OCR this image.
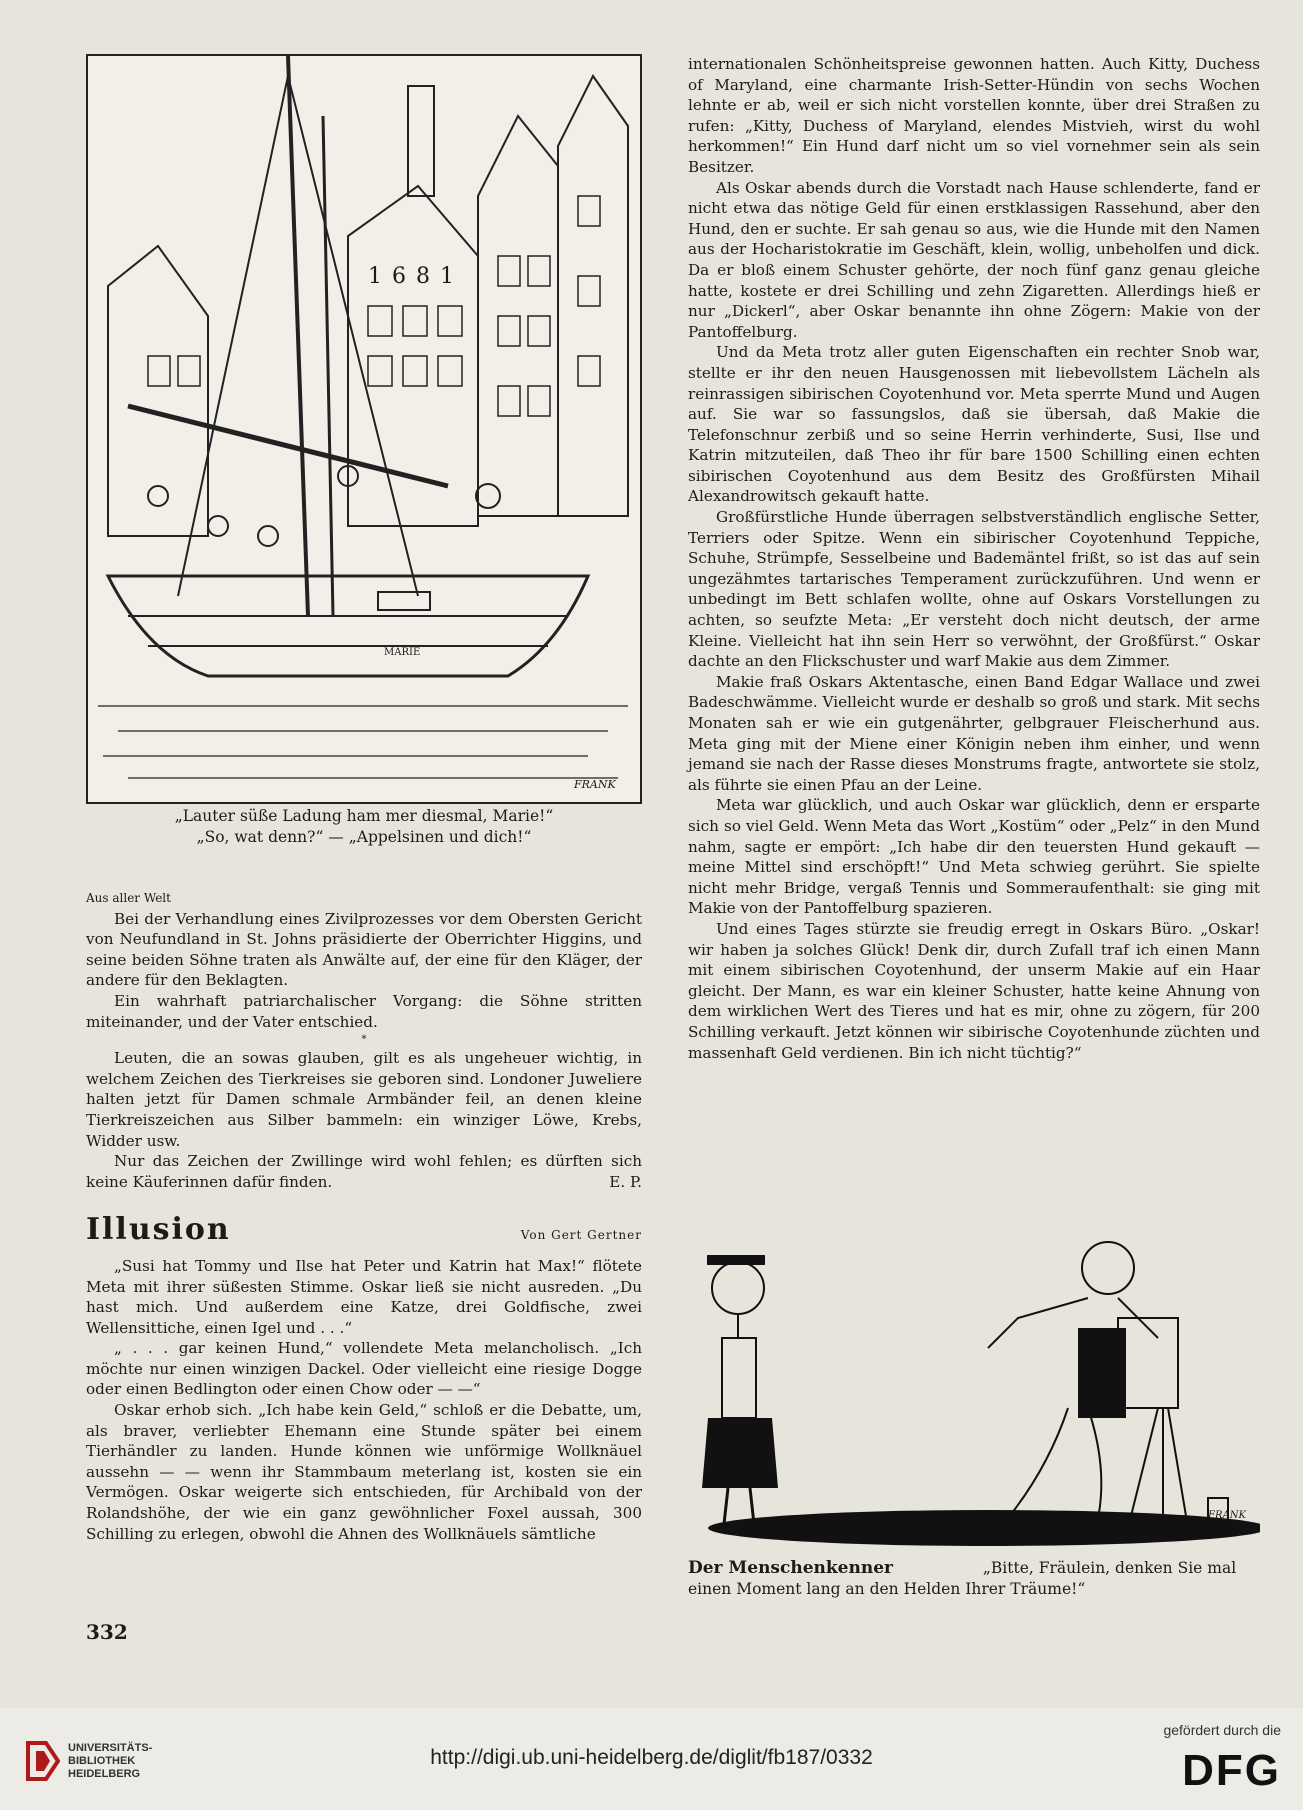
1681
MARIE
FRANK
„Lauter süße Ladung ham mer diesmal, Marie!“
„So, wat denn?“ — „Appelsinen und dich!“

Aus aller Welt

Bei der Verhandlung eines Zivilprozesses vor dem Obersten Gericht von Neufundland in St. Johns präsidierte der Oberrichter Higgins, und seine beiden Söhne traten als Anwälte auf, der eine für den Kläger, der andere für den Beklagten.

Ein wahrhaft patriarchalischer Vorgang: die Söhne stritten miteinander, und der Vater entschied.

*

Leuten, die an sowas glauben, gilt es als ungeheuer wichtig, in welchem Zeichen des Tierkreises sie geboren sind. Londoner Juweliere halten jetzt für Damen schmale Armbänder feil, an denen kleine Tierkreiszeichen aus Silber bammeln: ein winziger Löwe, Krebs, Widder usw.

Nur das Zeichen der Zwillinge wird wohl fehlen; es dürften sich keine Käuferinnen dafür finden.	E. P.

Illusion	Von Gert Gertner

„Susi hat Tommy und Ilse hat Peter und Katrin hat Max!“ flötete Meta mit ihrer süßesten Stimme. Oskar ließ sie nicht ausreden. „Du hast mich. Und außerdem eine Katze, drei Goldfische, zwei Wellensittiche, einen Igel und . . .“

„ . . . gar keinen Hund,“ vollendete Meta melancholisch. „Ich möchte nur einen winzigen Dackel. Oder vielleicht eine riesige Dogge oder einen Bedlington oder einen Chow oder — —“

Oskar erhob sich. „Ich habe kein Geld,“ schloß er die Debatte, um, als braver, verliebter Ehemann eine Stunde später bei einem Tierhändler zu landen. Hunde können wie unförmige Wollknäuel aussehn — — wenn ihr Stammbaum meterlang ist, kosten sie ein Vermögen. Oskar weigerte sich entschieden, für Archibald von der Rolandshöhe, der wie ein ganz gewöhnlicher Foxel aussah, 300 Schilling zu erlegen, obwohl die Ahnen des Wollknäuels sämtliche

internationalen Schönheitspreise gewonnen hatten. Auch Kitty, Duchess of Maryland, eine charmante Irish-Setter-Hündin von sechs Wochen lehnte er ab, weil er sich nicht vorstellen konnte, über drei Straßen zu rufen: „Kitty, Duchess of Maryland, elendes Mistvieh, wirst du wohl herkommen!“ Ein Hund darf nicht um so viel vornehmer sein als sein Besitzer.

Als Oskar abends durch die Vorstadt nach Hause schlenderte, fand er nicht etwa das nötige Geld für einen erstklassigen Rassehund, aber den Hund, den er suchte. Er sah genau so aus, wie die Hunde mit den Namen aus der Hocharistokratie im Geschäft, klein, wollig, unbeholfen und dick. Da er bloß einem Schuster gehörte, der noch fünf ganz genau gleiche hatte, kostete er drei Schilling und zehn Zigaretten. Allerdings hieß er nur „Dickerl“, aber Oskar benannte ihn ohne Zögern: Makie von der Pantoffelburg.

Und da Meta trotz aller guten Eigenschaften ein rechter Snob war, stellte er ihr den neuen Hausgenossen mit liebevollstem Lächeln als reinrassigen sibirischen Coyotenhund vor. Meta sperrte Mund und Augen auf. Sie war so fassungslos, daß sie übersah, daß Makie die Telefonschnur zerbiß und so seine Herrin verhinderte, Susi, Ilse und Katrin mitzuteilen, daß Theo ihr für bare 1500 Schilling einen echten sibirischen Coyotenhund aus dem Besitz des Großfürsten Mihail Alexandrowitsch gekauft hatte.

Großfürstliche Hunde überragen selbstverständlich englische Setter, Terriers oder Spitze. Wenn ein sibirischer Coyotenhund Teppiche, Schuhe, Strümpfe, Sesselbeine und Bademäntel frißt, so ist das auf sein ungezähmtes tartarisches Temperament zurückzuführen. Und wenn er unbedingt im Bett schlafen wollte, ohne auf Oskars Vorstellungen zu achten, so seufzte Meta: „Er versteht doch nicht deutsch, der arme Kleine. Vielleicht hat ihn sein Herr so verwöhnt, der Großfürst.“ Oskar dachte an den Flickschuster und warf Makie aus dem Zimmer.

Makie fraß Oskars Aktentasche, einen Band Edgar Wallace und zwei Badeschwämme. Vielleicht wurde er deshalb so groß und stark. Mit sechs Monaten sah er wie ein gutgenährter, gelbgrauer Fleischerhund aus. Meta ging mit der Miene einer Königin neben ihm einher, und wenn jemand sie nach der Rasse dieses Monstrums fragte, antwortete sie stolz, als führte sie einen Pfau an der Leine.

Meta war glücklich, und auch Oskar war glücklich, denn er ersparte sich so viel Geld. Wenn Meta das Wort „Kostüm“ oder „Pelz“ in den Mund nahm, sagte er empört: „Ich habe dir den teuersten Hund gekauft — meine Mittel sind erschöpft!“ Und Meta schwieg gerührt. Sie spielte nicht mehr Bridge, vergaß Tennis und Sommeraufenthalt: sie ging mit Makie von der Pantoffelburg spazieren.

Und eines Tages stürzte sie freudig erregt in Oskars Büro. „Oskar! wir haben ja solches Glück! Denk dir, durch Zufall traf ich einen Mann mit einem sibirischen Coyotenhund, der unserm Makie auf ein Haar gleicht. Der Mann, es war ein kleiner Schuster, hatte keine Ahnung von dem wirklichen Wert des Tieres und hat es mir, ohne zu zögern, für 200 Schilling verkauft. Jetzt können wir sibirische Coyotenhunde züchten und massenhaft Geld verdienen. Bin ich nicht tüchtig?“

FRANK
Der Menschenkenner	„Bitte, Fräulein, denken Sie mal einen Moment lang an den Helden Ihrer Träume!“
332
UNIVERSITÄTS-
BIBLIOTHEK
HEIDELBERG
http://digi.ub.uni-heidelberg.de/diglit/fb187/0332
gefördert durch die
DFG
